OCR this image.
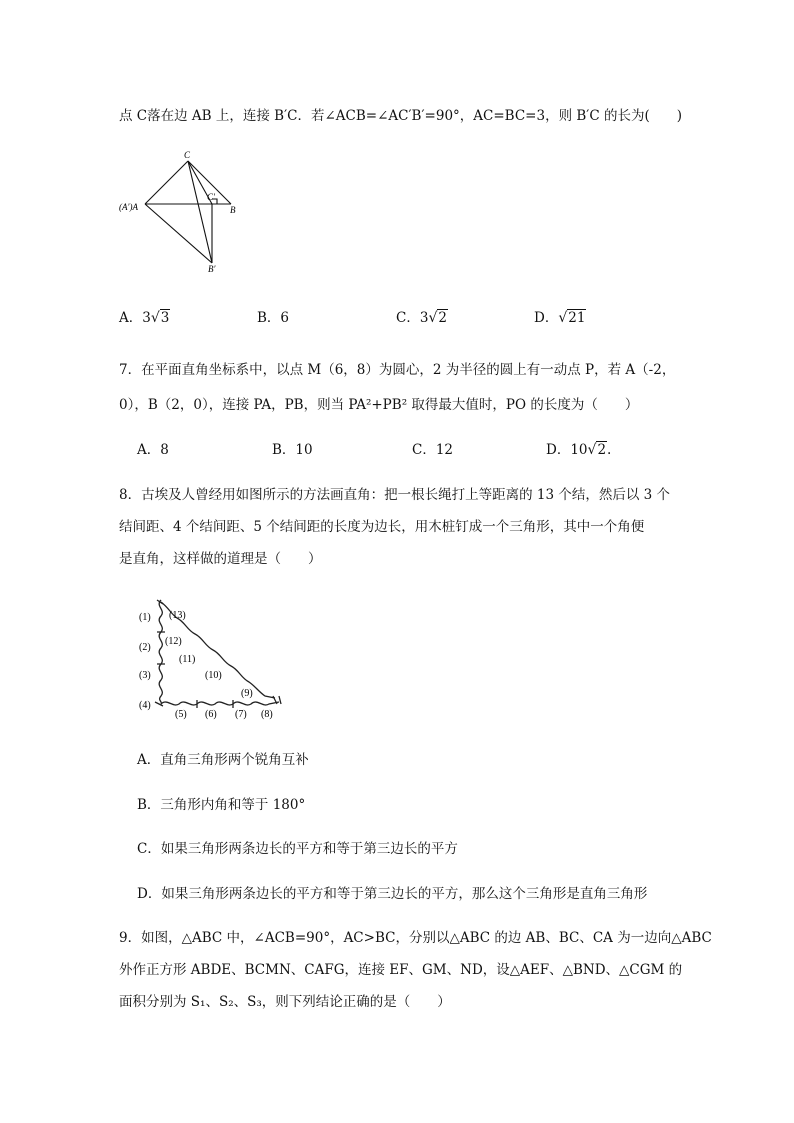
点 C落在边 AB 上，连接 B′C．若∠ACB=∠AC′B′=90°，AC=BC=3，则 B′C 的长为(　　)
C
C′
(A′)A	B
B′
A．3√3	B．6	C．3√2	D．√21
7．在平面直角坐标系中，以点 M（6，8）为圆心，2 为半径的圆上有一动点 P，若 A（-2，
0），B（2，0），连接 PA，PB，则当 PA²+PB² 取得最大值时，PO 的长度为（　　）
A．8	B．10	C．12	D．10√2.
8．古埃及人曾经用如图所示的方法画直角：把一根长绳打上等距离的 13 个结，然后以 3 个
结间距、4 个结间距、5 个结间距的长度为边长，用木桩钉成一个三角形，其中一个角便
是直角，这样做的道理是（　　）
(1) (13)
(2)
(12)
(11)
(3)	(10)
(9)
(4)
(5) (6) (7) (8)
A．直角三角形两个锐角互补
B．三角形内角和等于 180°
C．如果三角形两条边长的平方和等于第三边长的平方
D．如果三角形两条边长的平方和等于第三边长的平方，那么这个三角形是直角三角形
9．如图，△ABC 中，∠ACB=90°，AC>BC，分别以△ABC 的边 AB、BC、CA 为一边向△ABC
外作正方形 ABDE、BCMN、CAFG，连接 EF、GM、ND，设△AEF、△BND、△CGM 的
面积分别为 S₁、S₂、S₃，则下列结论正确的是（　　）
